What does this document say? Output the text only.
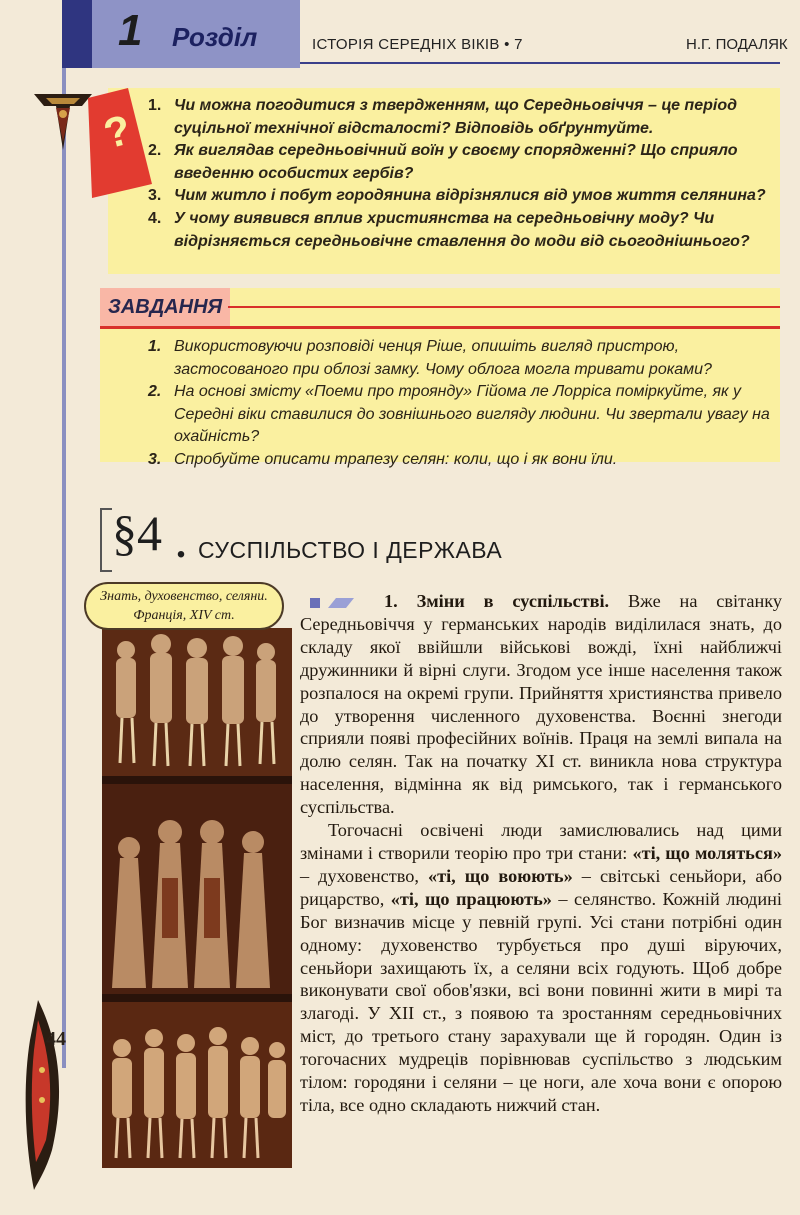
1 Розділ	ІСТОРІЯ СЕРЕДНІХ ВІКІВ • 7	Н.Г. ПОДАЛЯК
44
?
1. Чи можна погодитися з твердженням, що Середньовіччя – це період суцільної технічної відсталості? Відповідь обґрунтуйте.
2. Як виглядав середньовічний воїн у своєму спорядженні? Що сприяло введенню особистих гербів?
3. Чим житло і побут городянина відрізнялися від умов життя селянина?
4. У чому виявився вплив християнства на середньовічну моду? Чи відрізняється середньовічне ставлення до моди від сьогоднішнього?
ЗАВДАННЯ
1. Використовуючи розповіді ченця Ріше, опишіть вигляд пристрою, застосованого при облозі замку. Чому облога могла тривати роками?
2. На основі змісту «Поеми про троянду» Гійома ле Лорріса поміркуйте, як у Середні віки ставилися до зовнішнього вигляду людини. Чи звертали увагу на охайність?
3. Спробуйте описати трапезу селян: коли, що і як вони їли.
§4 . СУСПІЛЬСТВО І ДЕРЖАВА
Знать, духовенство, селяни. Франція, XIV ст.

1. Зміни в суспільстві. Вже на світанку Середньовіччя у германських народів виділилася знать, до складу якої ввійшли військові вожді, їхні найближчі дружинники й вірні слуги. Згодом усе інше населення також розпалося на окремі групи. Прийняття християнства привело до утворення численного духовенства. Воєнні знегоди сприяли появі професійних воїнів. Праця на землі випала на долю селян. Так на початку XI ст. виникла нова структура населення, відмінна як від римського, так і германського суспільства.

Тогочасні освічені люди замислювались над цими змінами і створили теорію про три стани: «ті, що моляться» – духовенство, «ті, що воюють» – світські сеньйори, або рицарство, «ті, що працюють» – селянство. Кожній людині Бог визначив місце у певній групі. Усі стани потрібні один одному: духовенство турбується про душі віруючих, сеньйори захищають їх, а селяни всіх годують. Щоб добре виконувати свої обов'язки, всі вони повинні жити в мирі та злагоді. У XII ст., з появою та зростанням середньовічних міст, до третього стану зарахували ще й городян. Один із тогочасних мудреців порівнював суспільство з людським тілом: городяни і селяни – це ноги, але хоча вони є опорою тіла, все одно складають нижчий стан.
